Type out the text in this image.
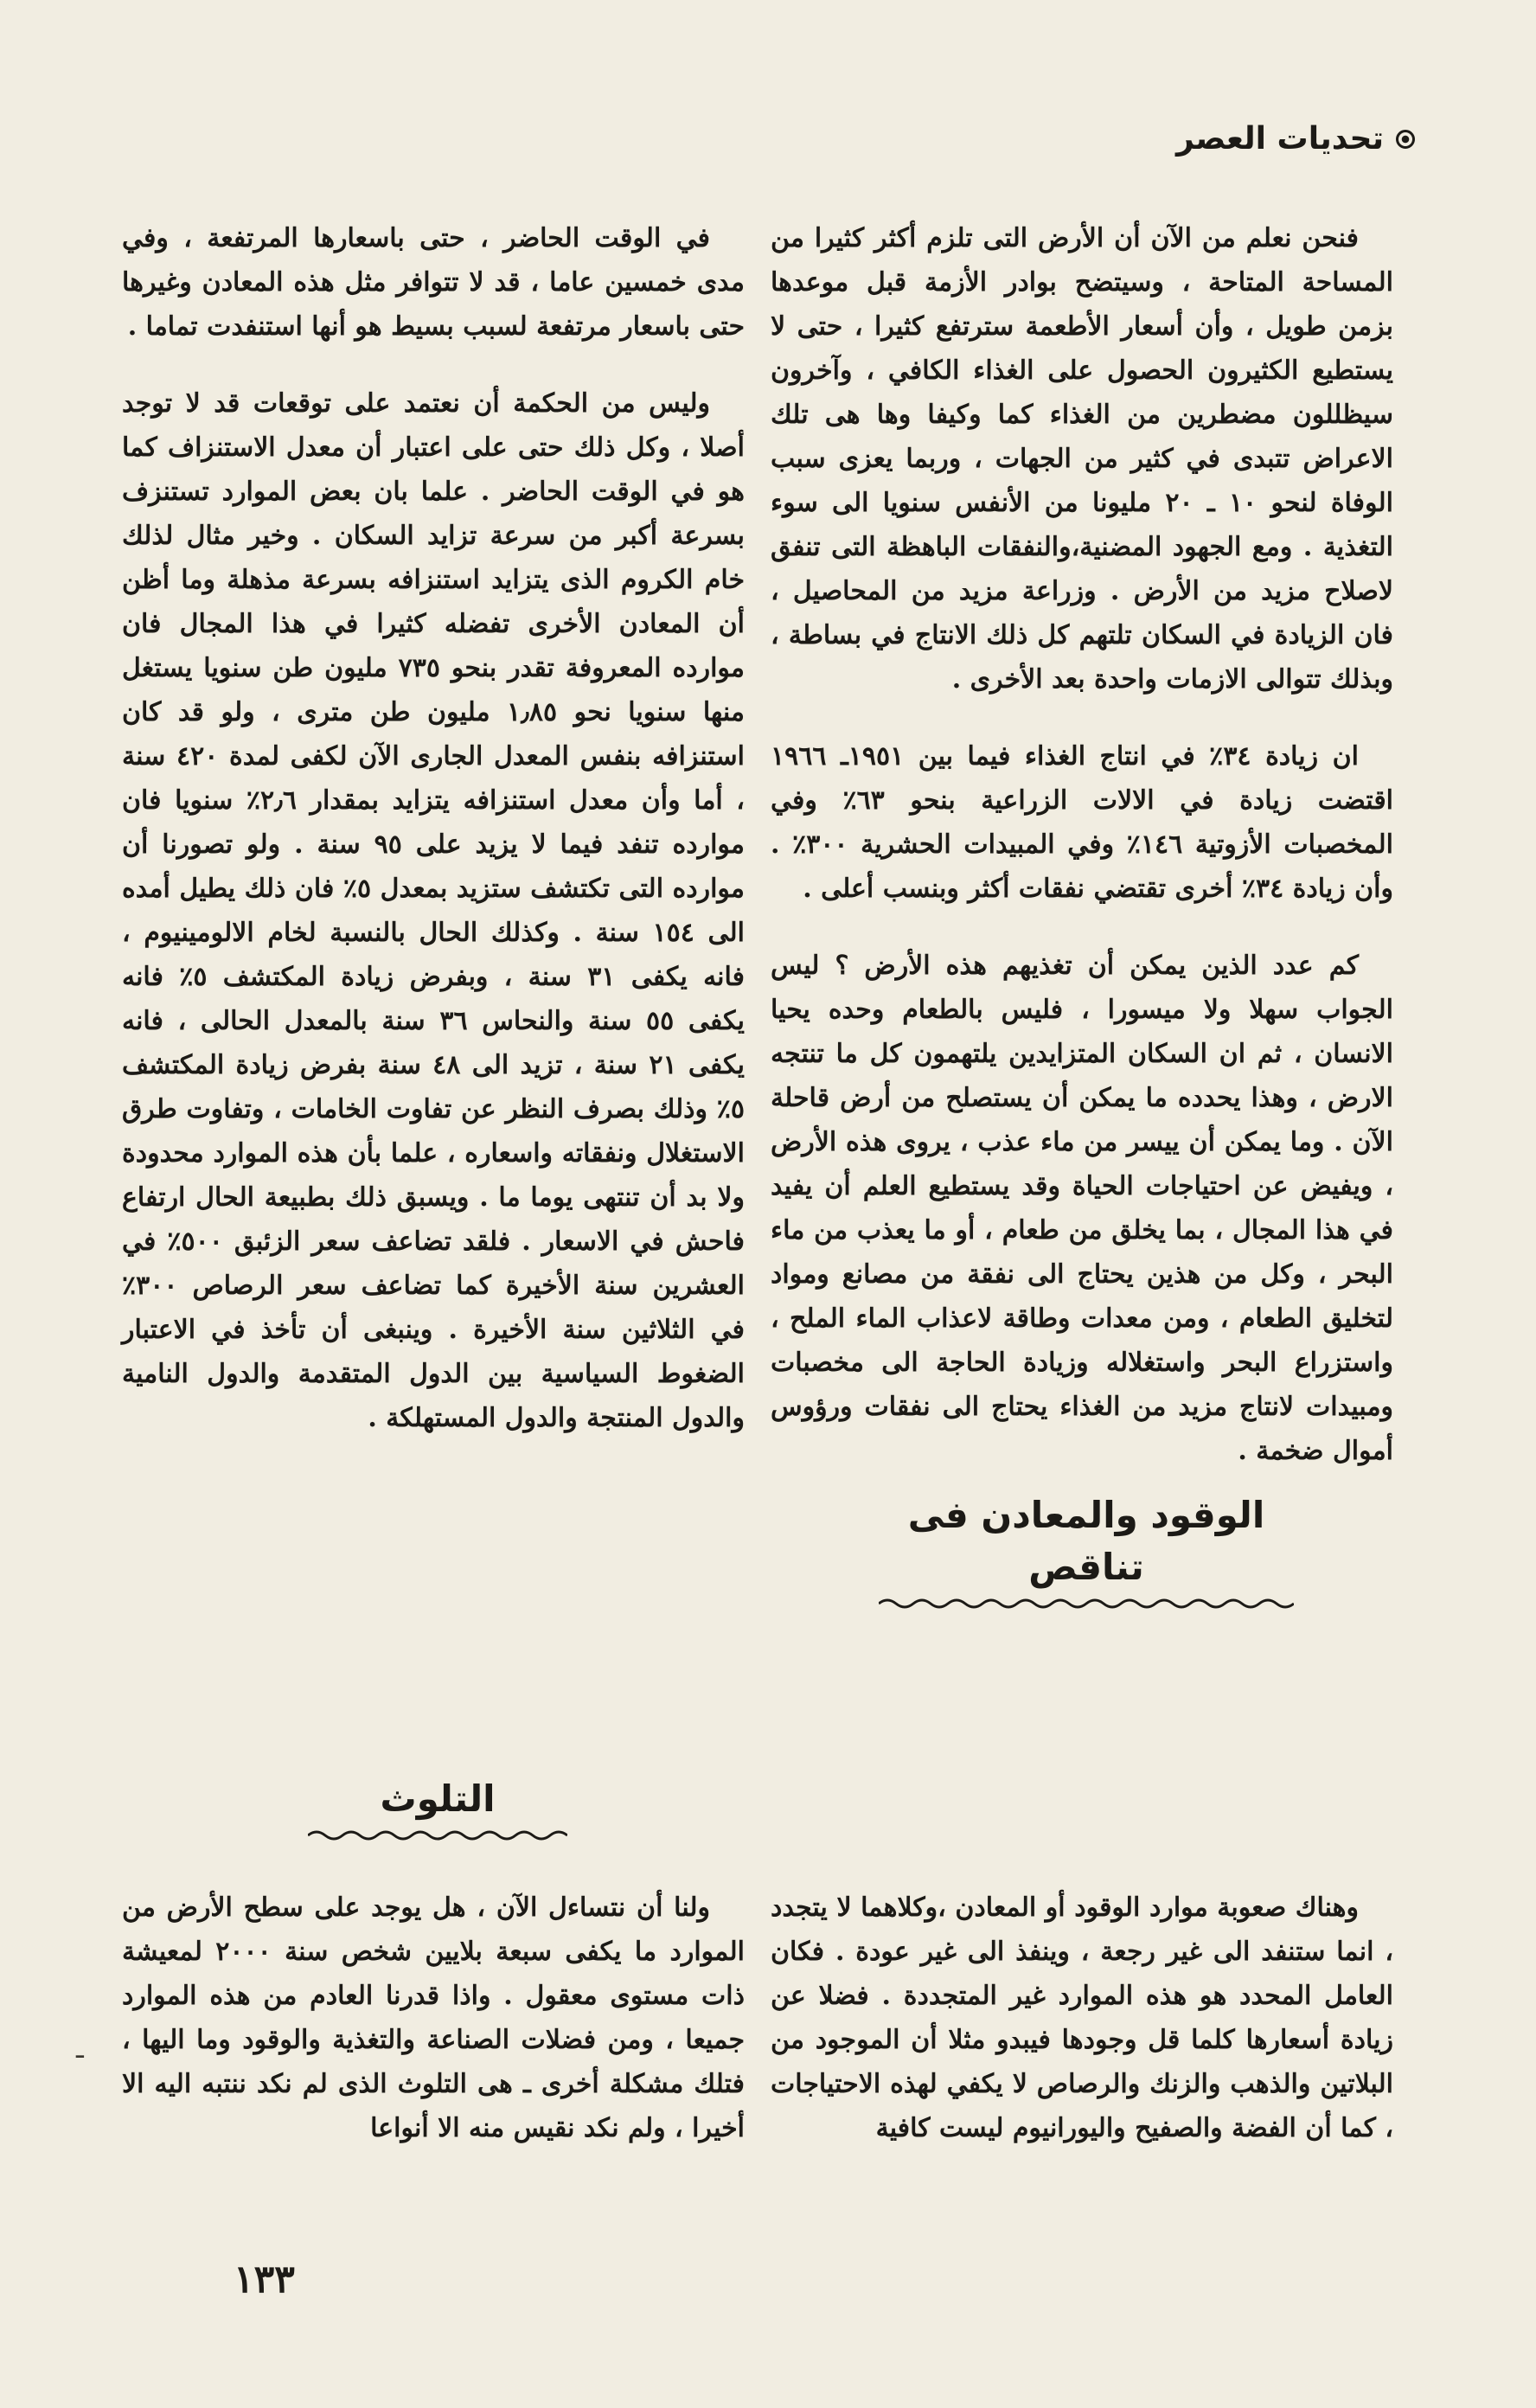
تحديات العصر

فنحن نعلم من الآن أن الأرض التى تلزم أكثر كثيرا من المساحة المتاحة ، وسيتضح بوادر الأزمة قبل موعدها بزمن طويل ، وأن أسعار الأطعمة سترتفع كثيرا ، حتى لا يستطيع الكثيرون الحصول على الغذاء الكافي ، وآخرون سيظللون مضطرين من الغذاء كما وكيفا وها هى تلك الاعراض تتبدى في كثير من الجهات ، وربما يعزى سبب الوفاة لنحو ١٠ ـ ٢٠ مليونا من الأنفس سنويا الى سوء التغذية . ومع الجهود المضنية،والنفقات الباهظة التى تنفق لاصلاح مزيد من الأرض . وزراعة مزيد من المحاصيل ، فان الزيادة في السكان تلتهم كل ذلك الانتاج في بساطة ، وبذلك تتوالى الازمات واحدة بعد الأخرى .

ان زيادة ٣٤٪ في انتاج الغذاء فيما بين ١٩٥١ـ ١٩٦٦ اقتضت زيادة في الالات الزراعية بنحو ٦٣٪ وفي المخصبات الأزوتية ١٤٦٪ وفي المبيدات الحشرية ٣٠٠٪ . وأن زيادة ٣٤٪ أخرى تقتضي نفقات أكثر وبنسب أعلى .

كم عدد الذين يمكن أن تغذيهم هذه الأرض ؟ ليس الجواب سهلا ولا ميسورا ، فليس بالطعام وحده يحيا الانسان ، ثم ان السكان المتزايدين يلتهمون كل ما تنتجه الارض ، وهذا يحدده ما يمكن أن يستصلح من أرض قاحلة الآن . وما يمكن أن ييسر من ماء عذب ، يروى هذه الأرض ، ويفيض عن احتياجات الحياة وقد يستطيع العلم أن يفيد في هذا المجال ، بما يخلق من طعام ، أو ما يعذب من ماء البحر ، وكل من هذين يحتاج الى نفقة من مصانع ومواد لتخليق الطعام ، ومن معدات وطاقة لاعذاب الماء الملح ، واستزراع البحر واستغلاله وزيادة الحاجة الى مخصبات ومبيدات لانتاج مزيد من الغذاء يحتاج الى نفقات ورؤوس أموال ضخمة .

الوقود والمعادن فى تناقص

وهناك صعوبة موارد الوقود أو المعادن ،وكلاهما لا يتجدد ، انما ستنفد الى غير رجعة ، وينفذ الى غير عودة . فكان العامل المحدد هو هذه الموارد غير المتجددة . فضلا عن زيادة أسعارها كلما قل وجودها فيبدو مثلا أن الموجود من البلاتين والذهب والزنك والرصاص لا يكفي لهذه الاحتياجات ، كما أن الفضة والصفيح واليورانيوم ليست كافية

في الوقت الحاضر ، حتى باسعارها المرتفعة ، وفي مدى خمسين عاما ، قد لا تتوافر مثل هذه المعادن وغيرها حتى باسعار مرتفعة لسبب بسيط هو أنها استنفدت تماما .

وليس من الحكمة أن نعتمد على توقعات قد لا توجد أصلا ، وكل ذلك حتى على اعتبار أن معدل الاستنزاف كما هو في الوقت الحاضر . علما بان بعض الموارد تستنزف بسرعة أكبر من سرعة تزايد السكان . وخير مثال لذلك خام الكروم الذى يتزايد استنزافه بسرعة مذهلة وما أظن أن المعادن الأخرى تفضله كثيرا في هذا المجال فان موارده المعروفة تقدر بنحو ٧٣٥ مليون طن سنويا يستغل منها سنويا نحو ١٫٨٥ مليون طن مترى ، ولو قد كان استنزافه بنفس المعدل الجارى الآن لكفى لمدة ٤٢٠ سنة ، أما وأن معدل استنزافه يتزايد بمقدار ٢٫٦٪ سنويا فان موارده تنفد فيما لا يزيد على ٩٥ سنة . ولو تصورنا أن موارده التى تكتشف ستزيد بمعدل ٥٪ فان ذلك يطيل أمده الى ١٥٤ سنة . وكذلك الحال بالنسبة لخام الالومينيوم ، فانه يكفى ٣١ سنة ، وبفرض زيادة المكتشف ٥٪ فانه يكفى ٥٥ سنة والنحاس ٣٦ سنة بالمعدل الحالى ، فانه يكفى ٢١ سنة ، تزيد الى ٤٨ سنة بفرض زيادة المكتشف ٥٪ وذلك بصرف النظر عن تفاوت الخامات ، وتفاوت طرق الاستغلال ونفقاته واسعاره ، علما بأن هذه الموارد محدودة ولا بد أن تنتهى يوما ما . ويسبق ذلك بطبيعة الحال ارتفاع فاحش في الاسعار . فلقد تضاعف سعر الزئبق ٥٠٠٪ في العشرين سنة الأخيرة كما تضاعف سعر الرصاص ٣٠٠٪ في الثلاثين سنة الأخيرة . وينبغى أن تأخذ في الاعتبار الضغوط السياسية بين الدول المتقدمة والدول النامية والدول المنتجة والدول المستهلكة .

التلوث

ولنا أن نتساءل الآن ، هل يوجد على سطح الأرض من الموارد ما يكفى سبعة بلايين شخص سنة ٢٠٠٠ لمعيشة ذات مستوى معقول . واذا قدرنا العادم من هذه الموارد جميعا ، ومن فضلات الصناعة والتغذية والوقود وما اليها ، فتلك مشكلة أخرى ـ هى التلوث الذى لم نكد ننتبه اليه الا أخيرا ، ولم نكد نقيس منه الا أنواعا

ـ
١٣٣
